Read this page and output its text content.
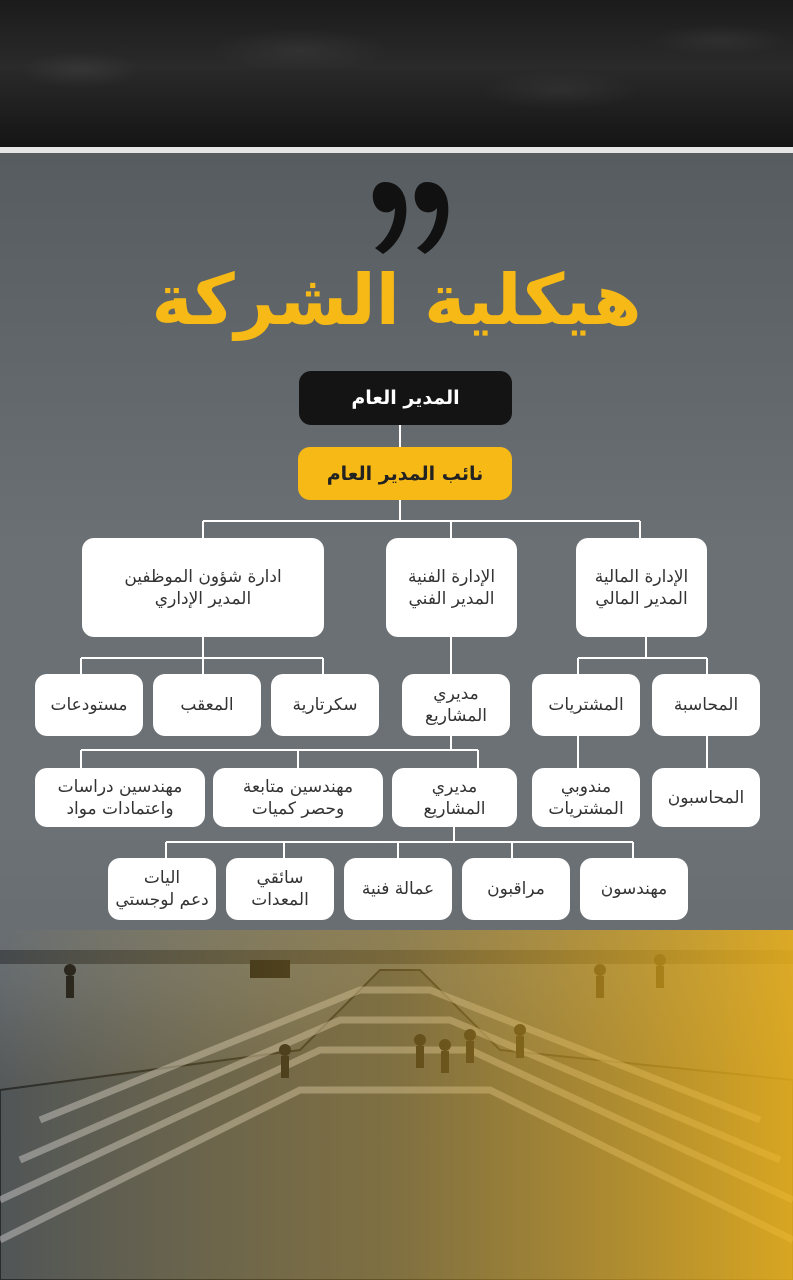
هيكلية الشركة
المدير العام
نائب المدير العام
الإدارة المالية
المدير المالي
الإدارة الفنية
المدير الفني
ادارة شؤون الموظفين
المدير الإداري
المحاسبة
المشتريات
مديري
المشاريع
سكرتارية
المعقب
مستودعات
المحاسبون
مندوبي
المشتريات
مديري
المشاريع
مهندسين متابعة
وحصر كميات
مهندسين دراسات
واعتمادات مواد
مهندسون
مراقبون
عمالة فنية
سائقي
المعدات
اليات
دعم لوجستي
